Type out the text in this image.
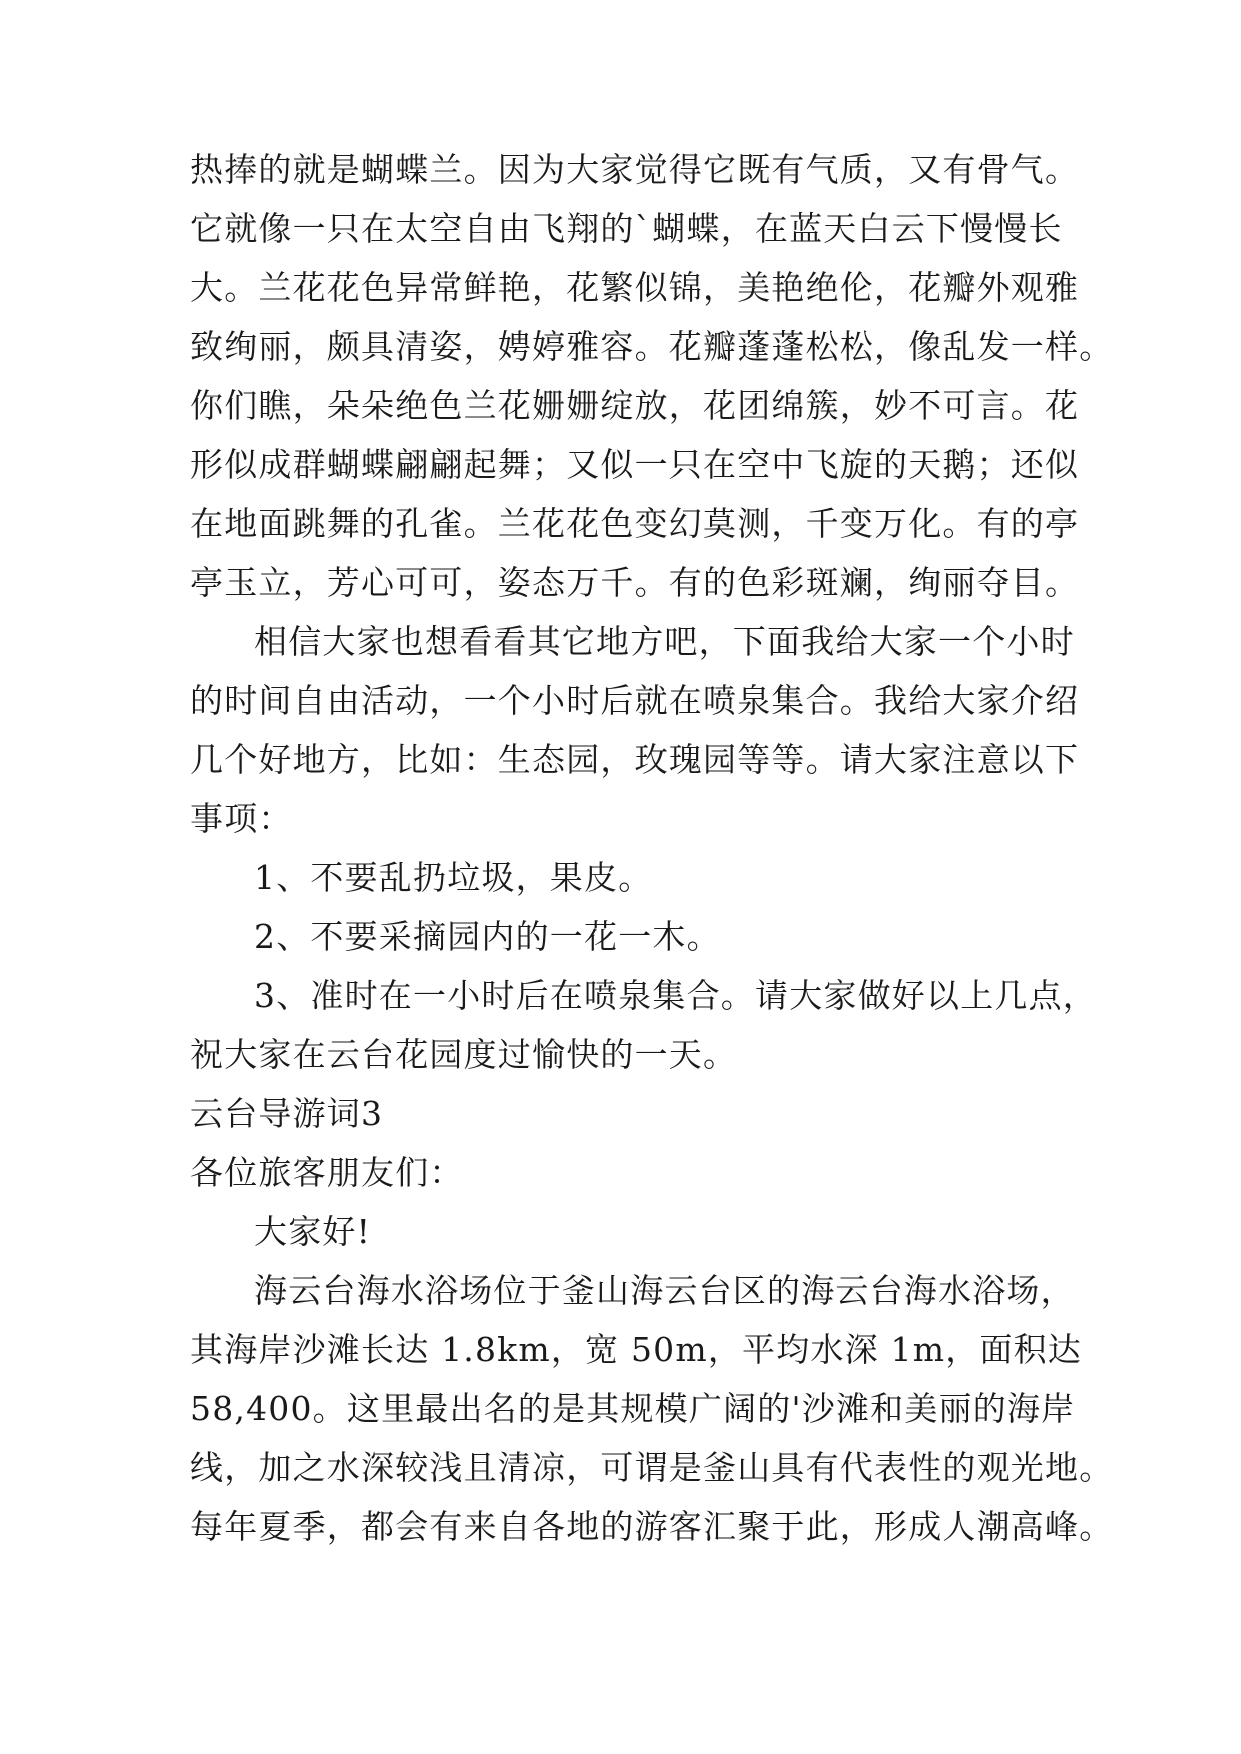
热捧的就是蝴蝶兰。因为大家觉得它既有气质，又有骨气。
它就像一只在太空自由飞翔的`蝴蝶，在蓝天白云下慢慢长
大。兰花花色异常鲜艳，花繁似锦，美艳绝伦，花瓣外观雅
致绚丽，颇具清姿，娉婷雅容。花瓣蓬蓬松松，像乱发一样。
你们瞧，朵朵绝色兰花姗姗绽放，花团绵簇，妙不可言。花
形似成群蝴蝶翩翩起舞；又似一只在空中飞旋的天鹅；还似
在地面跳舞的孔雀。兰花花色变幻莫测，千变万化。有的亭
亭玉立，芳心可可，姿态万千。有的色彩斑斓，绚丽夺目。
相信大家也想看看其它地方吧，下面我给大家一个小时
的时间自由活动，一个小时后就在喷泉集合。我给大家介绍
几个好地方，比如：生态园，玫瑰园等等。请大家注意以下
事项：
1、不要乱扔垃圾，果皮。
2、不要采摘园内的一花一木。
3、准时在一小时后在喷泉集合。请大家做好以上几点，
祝大家在云台花园度过愉快的一天。
云台导游词3
各位旅客朋友们：
大家好!
海云台海水浴场位于釜山海云台区的海云台海水浴场，
其海岸沙滩长达 1.8km，宽 50m，平均水深 1m，面积达
58,400。这里最出名的是其规模广阔的'沙滩和美丽的海岸
线，加之水深较浅且清凉，可谓是釜山具有代表性的观光地。
每年夏季，都会有来自各地的游客汇聚于此，形成人潮高峰。
